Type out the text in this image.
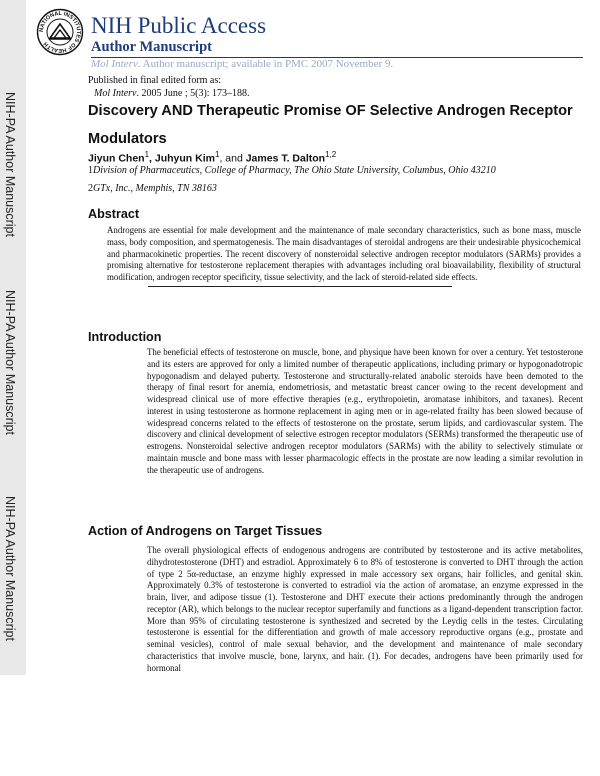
NIH-PA Author Manuscript
NIH-PA Author Manuscript
NIH-PA Author Manuscript
NATIONAL INSTITUTES OF HEALTH
NIH Public Access
Author Manuscript
Mol Interv. Author manuscript; available in PMC 2007 November 9.
Published in final edited form as:
Mol Interv. 2005 June ; 5(3): 173–188.
Discovery AND Therapeutic Promise OF Selective Androgen Receptor Modulators
Jiyun Chen$^1$, Juhyun Kim$^1$, and James T. Dalton$^{1,2}$
1Division of Pharmaceutics, College of Pharmacy, The Ohio State University, Columbus, Ohio 43210
2GTx, Inc., Memphis, TN 38163
Abstract

Androgens are essential for male development and the maintenance of male secondary characteristics, such as bone mass, muscle mass, body composition, and spermatogenesis. The main disadvantages of steroidal androgens are their undesirable physicochemical and pharmacokinetic properties. The recent discovery of nonsteroidal selective androgen receptor modulators (SARMs) provides a promising alternative for testosterone replacement therapies with advantages including oral bioavailability, flexibility of structural modification, androgen receptor specificity, tissue selectivity, and the lack of steroid-related side effects.

Introduction

The beneficial effects of testosterone on muscle, bone, and physique have been known for over a century. Yet testosterone and its esters are approved for only a limited number of therapeutic applications, including primary or hypogonadotropic hypogonadism and delayed puberty. Testosterone and structurally-related anabolic steroids have been demoted to the therapy of final resort for anemia, endometriosis, and metastatic breast cancer owing to the recent development and widespread clinical use of more effective therapies (e.g., erythropoietin, aromatase inhibitors, and taxanes). Recent interest in using testosterone as hormone replacement in aging men or in age-related frailty has been slowed because of widespread concerns related to the effects of testosterone on the prostate, serum lipids, and cardiovascular system. The discovery and clinical development of selective estrogen receptor modulators (SERMs) transformed the therapeutic use of estrogens. Nonsteroidal selective androgen receptor modulators (SARMs) with the ability to selectively stimulate or maintain muscle and bone mass with lesser pharmacologic effects in the prostate are now leading a similar revolution in the therapeutic use of androgens.

Action of Androgens on Target Tissues

The overall physiological effects of endogenous androgens are contributed by testosterone and its active metabolites, dihydrotestosterone (DHT) and estradiol. Approximately 6 to 8% of testosterone is converted to DHT through the action of type 2 5α-reductase, an enzyme highly expressed in male accessory sex organs, hair follicles, and genital skin. Approximately 0.3% of testosterone is converted to estradiol via the action of aromatase, an enzyme expressed in the brain, liver, and adipose tissue (1). Testosterone and DHT execute their actions predominantly through the androgen receptor (AR), which belongs to the nuclear receptor superfamily and functions as a ligand-dependent transcription factor. More than 95% of circulating testosterone is synthesized and secreted by the Leydig cells in the testes. Circulating testosterone is essential for the differentiation and growth of male accessory reproductive organs (e.g., prostate and seminal vesicles), control of male sexual behavior, and the development and maintenance of male secondary characteristics that involve muscle, bone, larynx, and hair. (1). For decades, androgens have been primarily used for hormonal
